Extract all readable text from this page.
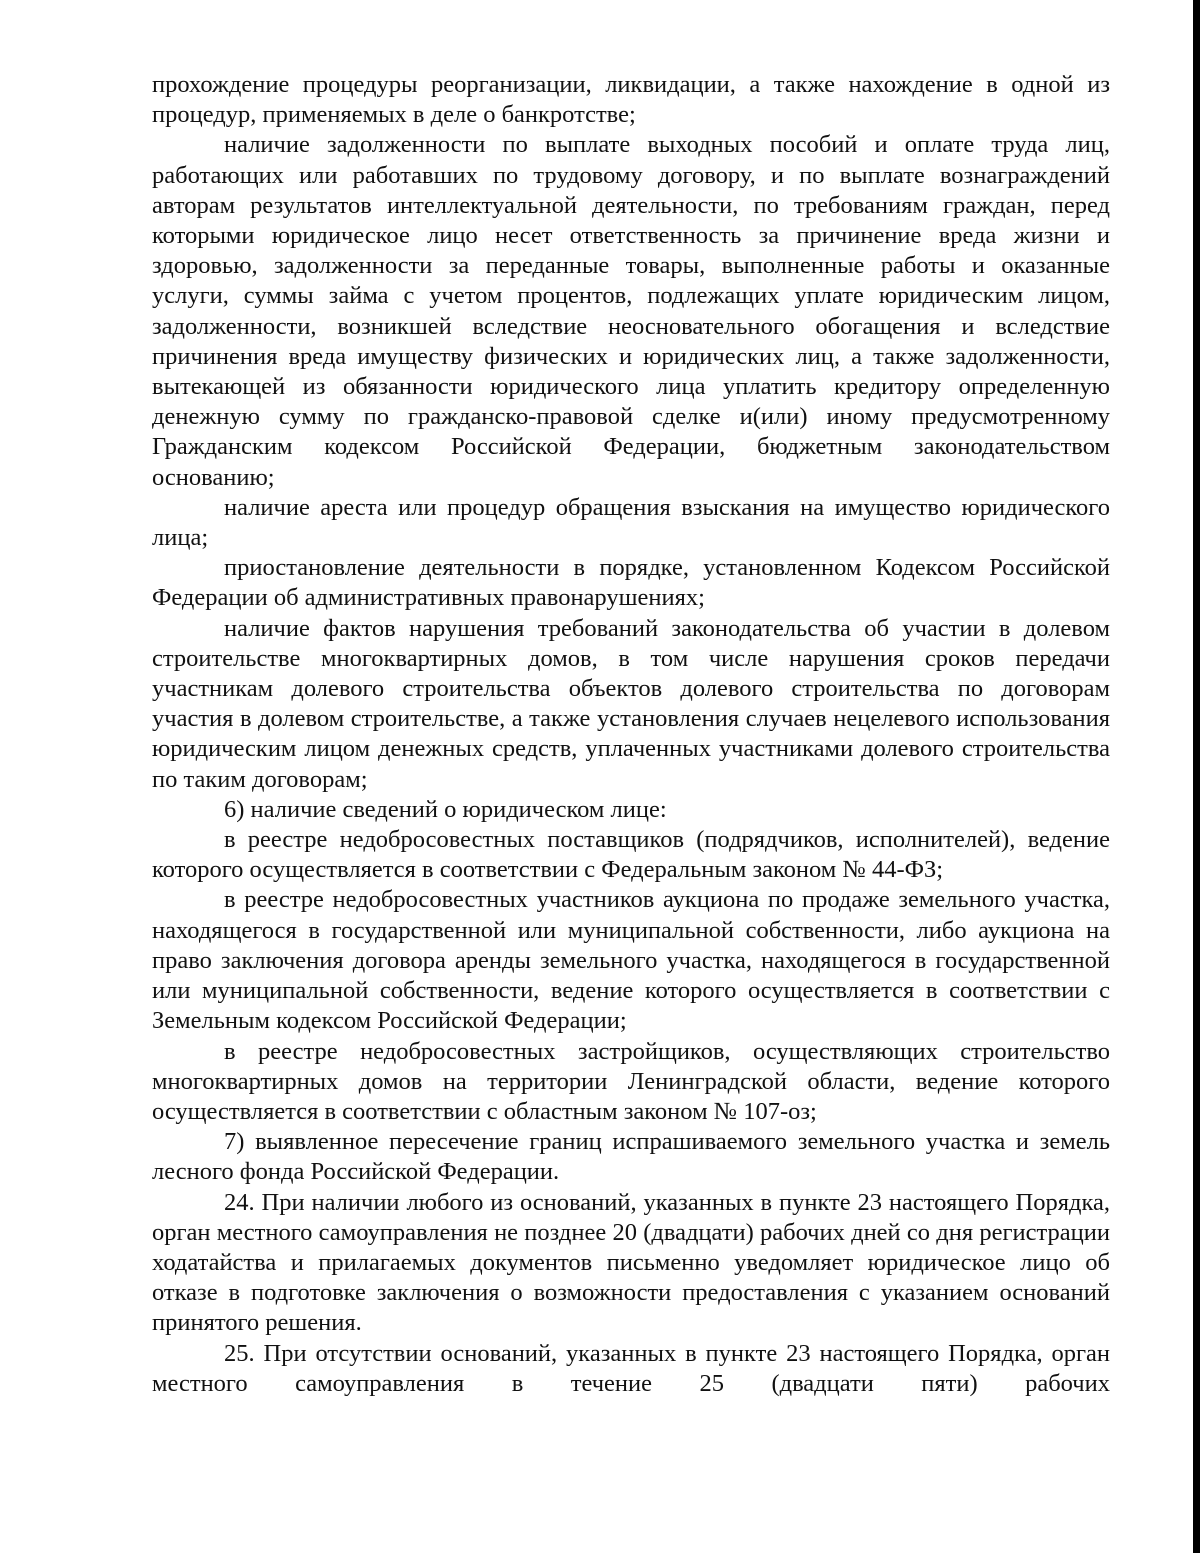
прохождение процедуры реорганизации, ликвидации, а также нахождение в одной из процедур, применяемых в деле о банкротстве;

наличие задолженности по выплате выходных пособий и оплате труда лиц, работающих или работавших по трудовому договору, и по выплате вознаграждений авторам результатов интеллектуальной деятельности, по требованиям граждан, перед которыми юридическое лицо несет ответственность за причинение вреда жизни и здоровью, задолженности за переданные товары, выполненные работы и оказанные услуги, суммы займа с учетом процентов, подлежащих уплате юридическим лицом, задолженности, возникшей вследствие неосновательного обогащения и вследствие причинения вреда имуществу физических и юридических лиц, а также задолженности, вытекающей из обязанности юридического лица уплатить кредитору определенную денежную сумму по гражданско-правовой сделке и(или) иному предусмотренному Гражданским кодексом Российской Федерации, бюджетным законодательством основанию;

наличие ареста или процедур обращения взыскания на имущество юридического лица;

приостановление деятельности в порядке, установленном Кодексом Российской Федерации об административных правонарушениях;

наличие фактов нарушения требований законодательства об участии в долевом строительстве многоквартирных домов, в том числе нарушения сроков передачи участникам долевого строительства объектов долевого строительства по договорам участия в долевом строительстве, а также установления случаев нецелевого использования юридическим лицом денежных средств, уплаченных участниками долевого строительства по таким договорам;

6) наличие сведений о юридическом лице:

в реестре недобросовестных поставщиков (подрядчиков, исполнителей), ведение которого осуществляется в соответствии с Федеральным законом № 44-ФЗ;

в реестре недобросовестных участников аукциона по продаже земельного участка, находящегося в государственной или муниципальной собственности, либо аукциона на право заключения договора аренды земельного участка, находящегося в государственной или муниципальной собственности, ведение которого осуществляется в соответствии с Земельным кодексом Российской Федерации;

в реестре недобросовестных застройщиков, осуществляющих строительство многоквартирных домов на территории Ленинградской области, ведение которого осуществляется в соответствии с областным законом № 107-оз;

7) выявленное пересечение границ испрашиваемого земельного участка и земель лесного фонда Российской Федерации.

24. При наличии любого из оснований, указанных в пункте 23 настоящего Порядка, орган местного самоуправления не позднее 20 (двадцати) рабочих дней со дня регистрации ходатайства и прилагаемых документов письменно уведомляет юридическое лицо об отказе в подготовке заключения о возможности предоставления с указанием оснований принятого решения.

25. При отсутствии оснований, указанных в пункте 23 настоящего Порядка, орган местного самоуправления в течение 25 (двадцати пяти) рабочих
